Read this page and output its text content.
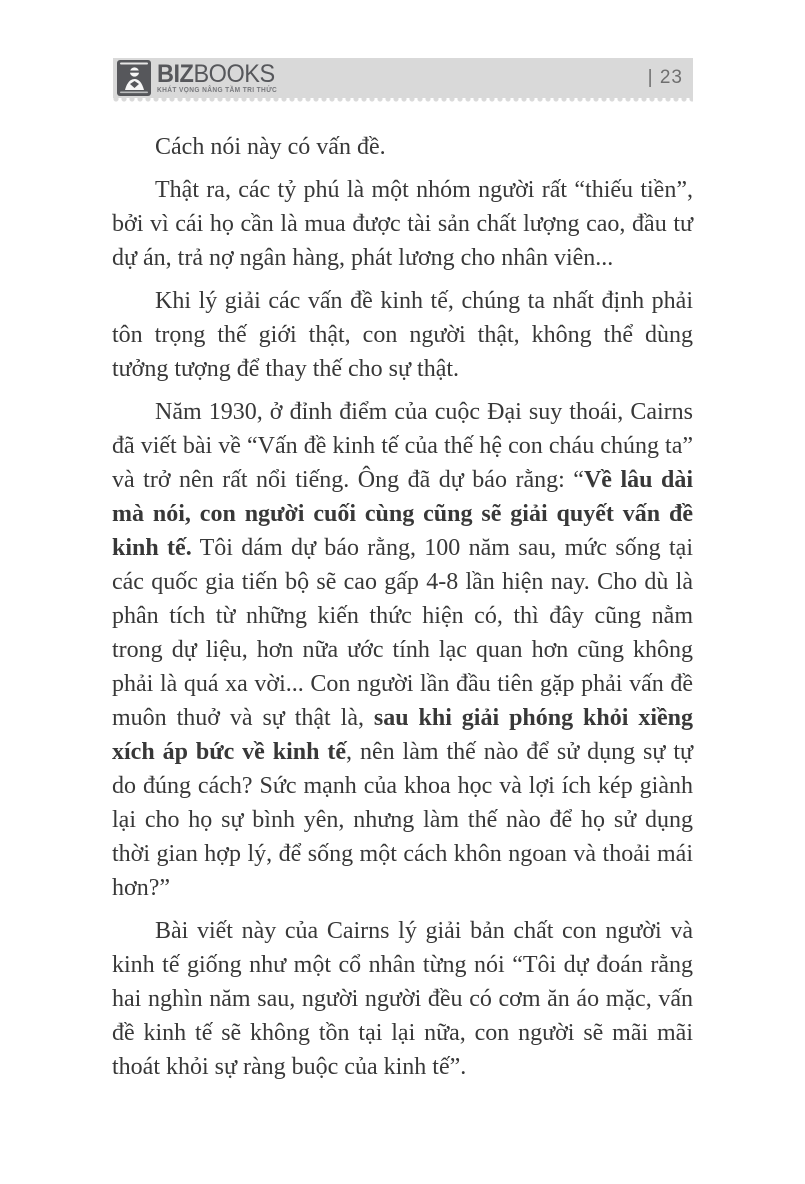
BIZBOOKS
KHÁT VỌNG NÂNG TẦM TRI THỨC
| 23

Cách nói này có vấn đề.

Thật ra, các tỷ phú là một nhóm người rất “thiếu tiền”, bởi vì cái họ cần là mua được tài sản chất lượng cao, đầu tư dự án, trả nợ ngân hàng, phát lương cho nhân viên...

Khi lý giải các vấn đề kinh tế, chúng ta nhất định phải tôn trọng thế giới thật, con người thật, không thể dùng tưởng tượng để thay thế cho sự thật.

Năm 1930, ở đỉnh điểm của cuộc Đại suy thoái, Cairns đã viết bài về “Vấn đề kinh tế của thế hệ con cháu chúng ta” và trở nên rất nổi tiếng. Ông đã dự báo rằng: “Về lâu dài mà nói, con người cuối cùng cũng sẽ giải quyết vấn đề kinh tế. Tôi dám dự báo rằng, 100 năm sau, mức sống tại các quốc gia tiến bộ sẽ cao gấp 4-8 lần hiện nay. Cho dù là phân tích từ những kiến thức hiện có, thì đây cũng nằm trong dự liệu, hơn nữa ước tính lạc quan hơn cũng không phải là quá xa vời... Con người lần đầu tiên gặp phải vấn đề muôn thuở và sự thật là, sau khi giải phóng khỏi xiềng xích áp bức về kinh tế, nên làm thế nào để sử dụng sự tự do đúng cách? Sức mạnh của khoa học và lợi ích kép giành lại cho họ sự bình yên, nhưng làm thế nào để họ sử dụng thời gian hợp lý, để sống một cách khôn ngoan và thoải mái hơn?”

Bài viết này của Cairns lý giải bản chất con người và kinh tế giống như một cổ nhân từng nói “Tôi dự đoán rằng hai nghìn năm sau, người người đều có cơm ăn áo mặc, vấn đề kinh tế sẽ không tồn tại lại nữa, con người sẽ mãi mãi thoát khỏi sự ràng buộc của kinh tế”.
